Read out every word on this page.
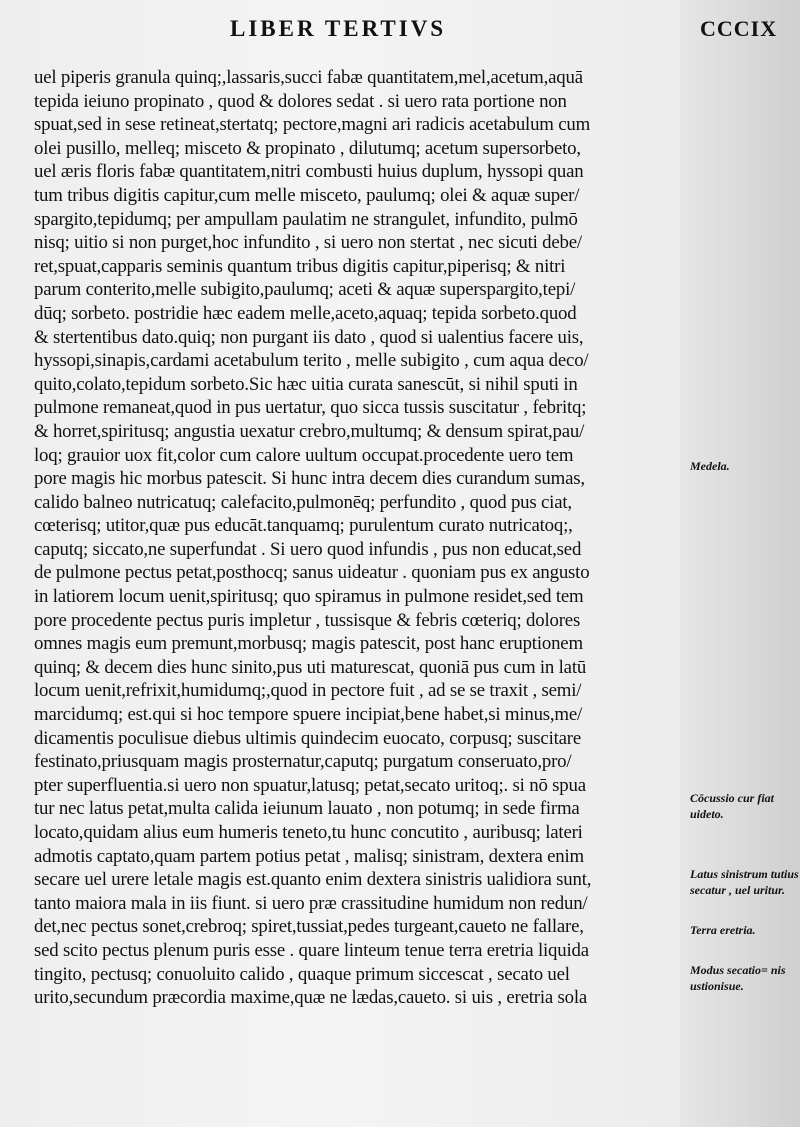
LIBER TERTIVS	CCCIX
uel piperis granula quinq;,lassaris,succi fabæ quantitatem,mel,acetum,aquā
tepida ieiuno propinato , quod & dolores sedat . si uero rata portione non
spuat,sed in sese retineat,stertatq; pectore,magni ari radicis acetabulum cum
olei pusillo, melleq; misceto & propinato , dilutumq; acetum supersorbeto,
uel æris floris fabæ quantitatem,nitri combusti huius duplum, hyssopi quan
tum tribus digitis capitur,cum melle misceto, paulumq; olei & aquæ super/
spargito,tepidumq; per ampullam paulatim ne strangulet, infundito, pulmō
nisq; uitio si non purget,hoc infundito , si uero non stertat , nec sicuti debe/
ret,spuat,capparis seminis quantum tribus digitis capitur,piperisq; & nitri
parum conterito,melle subigito,paulumq; aceti & aquæ superspargito,tepi/
dūq; sorbeto. postridie hæc eadem melle,aceto,aquaq; tepida sorbeto.quod
& stertentibus dato.quiq; non purgant iis dato , quod si ualentius facere uis,
hyssopi,sinapis,cardami acetabulum terito , melle subigito , cum aqua deco/
quito,colato,tepidum sorbeto.Sic hæc uitia curata sanescūt, si nihil sputi in
pulmone remaneat,quod in pus uertatur, quo sicca tussis suscitatur , febritq;
& horret,spiritusq; angustia uexatur crebro,multumq; & densum spirat,pau/
loq; grauior uox fit,color cum calore uultum occupat.procedente uero tem
pore magis hic morbus patescit. Si hunc intra decem dies curandum sumas,
calido balneo nutricatuq; calefacito,pulmonēq; perfundito , quod pus ciat,
cœterisq; utitor,quæ pus educāt.tanquamq; purulentum curato nutricatoq;,
caputq; siccato,ne superfundat . Si uero quod infundis , pus non educat,sed
de pulmone pectus petat,posthocq; sanus uideatur . quoniam pus ex angusto
in latiorem locum uenit,spiritusq; quo spiramus in pulmone residet,sed tem
pore procedente pectus puris impletur , tussisque & febris cœteriq; dolores
omnes magis eum premunt,morbusq; magis patescit, post hanc eruptionem
quinq; & decem dies hunc sinito,pus uti maturescat, quoniā pus cum in latū
locum uenit,refrixit,humidumq;,quod in pectore fuit , ad se se traxit , semi/
marcidumq; est.qui si hoc tempore spuere incipiat,bene habet,si minus,me/
dicamentis poculisue diebus ultimis quindecim euocato, corpusq; suscitare
festinato,priusquam magis prosternatur,caputq; purgatum conseruato,pro/
pter superfluentia.si uero non spuatur,latusq; petat,secato uritoq;. si nō spua
tur nec latus petat,multa calida ieiunum lauato , non potumq; in sede firma
locato,quidam alius eum humeris teneto,tu hunc concutito , auribusq; lateri
admotis captato,quam partem potius petat , malisq; sinistram, dextera enim
secare uel urere letale magis est.quanto enim dextera sinistris ualidiora sunt,
tanto maiora mala in iis fiunt. si uero præ crassitudine humidum non redun/
det,nec pectus sonet,crebroq; spiret,tussiat,pedes turgeant,caueto ne fallare,
sed scito pectus plenum puris esse . quare linteum tenue terra eretria liquida
tingito, pectusq; conuoluito calido , quaque primum siccescat , secato uel
urito,secundum præcordia maxime,quæ ne lædas,caueto. si uis , eretria sola
Medela.
Cōcussio cur fiat uideto.
Latus sinistrum tutius secatur , uel uritur.
Terra eretria.
Modus secatio= nis ustionisue.
